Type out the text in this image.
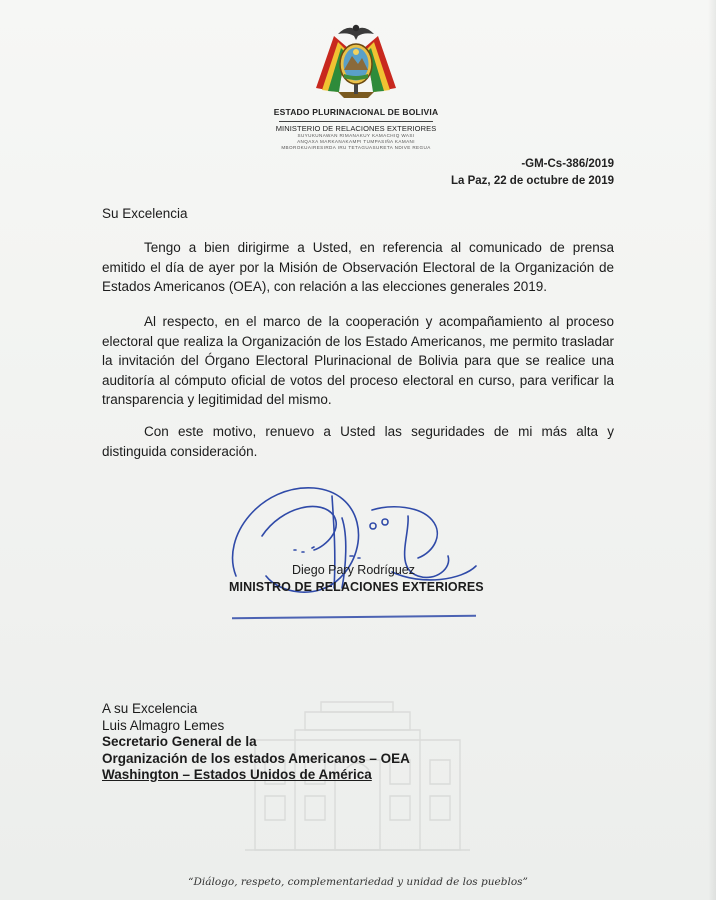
ESTADO PLURINACIONAL DE BOLIVIA
MINISTERIO DE RELACIONES EXTERIORES
SUYUKUNAWAN RIMANAKUY KAMACHIQ WASI
ANQAXA MARKANAKAMPI TUMPASIÑA KAMANI
MBOROKUAIRESIRDA IRU TETAGUASURETA NDIVE REGUA
-GM-Cs-386/2019
La Paz, 22 de octubre de 2019
Su Excelencia
Tengo a bien dirigirme a Usted, en referencia al comunicado de prensa emitido el día de ayer por la Misión de Observación Electoral de la Organización de Estados Americanos (OEA), con relación a las elecciones generales 2019.
Al respecto, en el marco de la cooperación y acompañamiento al proceso electoral que realiza la Organización de los Estado Americanos, me permito trasladar la invitación del Órgano Electoral Plurinacional de Bolivia para que se realice una auditoría al cómputo oficial de votos del proceso electoral en curso, para verificar la transparencia y legitimidad del mismo.
Con este motivo, renuevo a Usted las seguridades de mi más alta y distinguida consideración.
Diego Pary Rodríguez
MINISTRO DE RELACIONES EXTERIORES
A su Excelencia
Luis Almagro Lemes
Secretario General de la
Organización de los estados Americanos – OEA
Washington – Estados Unidos de América
“Diálogo, respeto, complementariedad y unidad de los pueblos”
